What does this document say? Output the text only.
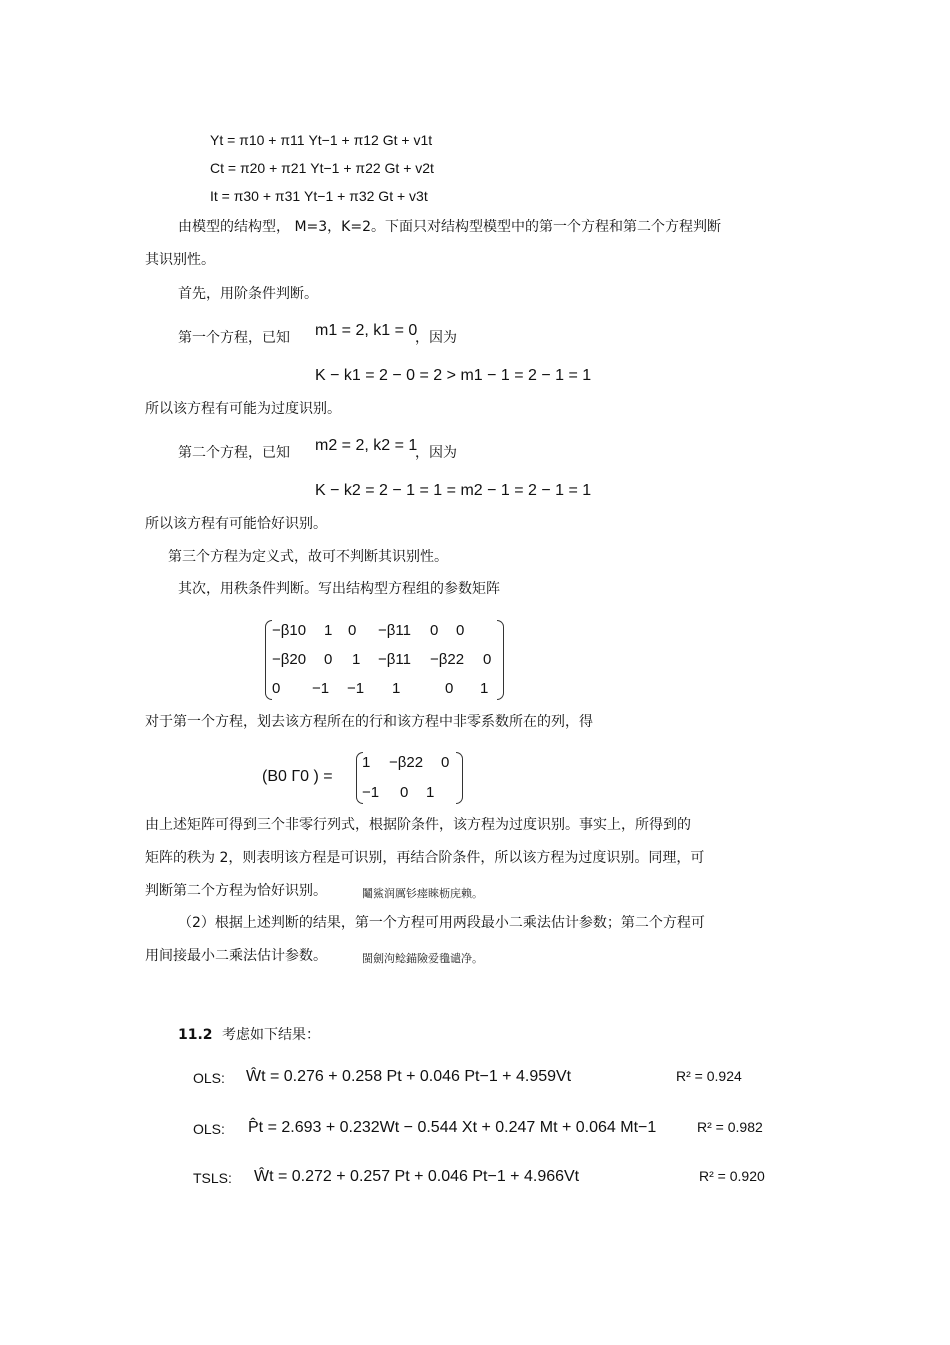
Yt = π10 + π11 Yt−1 + π12 Gt + v1t
Ct = π20 + π21 Yt−1 + π22 Gt + v2t
It = π30 + π31 Yt−1 + π32 Gt + v3t
由模型的结构型， M=3，K=2。下面只对结构型模型中的第一个方程和第二个方程判断
其识别性。
首先，用阶条件判断。
第一个方程，已知 m1 = 2, k1 = 0
，因为
K − k1 = 2 − 0 = 2 > m1 − 1 = 2 − 1 = 1
所以该方程有可能为过度识别。
第二个方程，已知 m2 = 2, k2 = 1
，因为
K − k2 = 2 − 1 = 1 = m2 − 1 = 2 − 1 = 1
所以该方程有可能恰好识别。
第三个方程为定义式，故可不判断其识别性。
其次，用秩条件判断。写出结构型方程组的参数矩阵
−β10 1 0 −β11 0 0
−β20 0 1 −β11 −β22 0
0 −1 −1 1	0 1
对于第一个方程，划去该方程所在的行和该方程中非零系数所在的列，得
(B0 Γ0 ) =
1 −β22 0
−1 0 1
由上述矩阵可得到三个非零行列式，根据阶条件，该方程为过度识别。事实上，所得到的
矩阵的秩为 2，则表明该方程是可识别，再结合阶条件，所以该方程为过度识别。同理，可
判断第二个方程为恰好识别。	鬮鯊润厲钐瘗睞枥庑赖。
（2）根据上述判断的结果，第一个方程可用两段最小二乘法估计参数；第二个方程可
用间接最小二乘法估计参数。	閩劍泃鲶錨險爱氇谴净。
11.2 考虑如下结果：
OLS: Ŵt = 0.276 + 0.258 Pt + 0.046 Pt−1 + 4.959Vt	R² = 0.924
OLS: P̂t = 2.693 + 0.232Wt − 0.544 Xt + 0.247 Mt + 0.064 Mt−1	R² = 0.982
TSLS: Ŵt = 0.272 + 0.257 Pt + 0.046 Pt−1 + 4.966Vt	R² = 0.920
